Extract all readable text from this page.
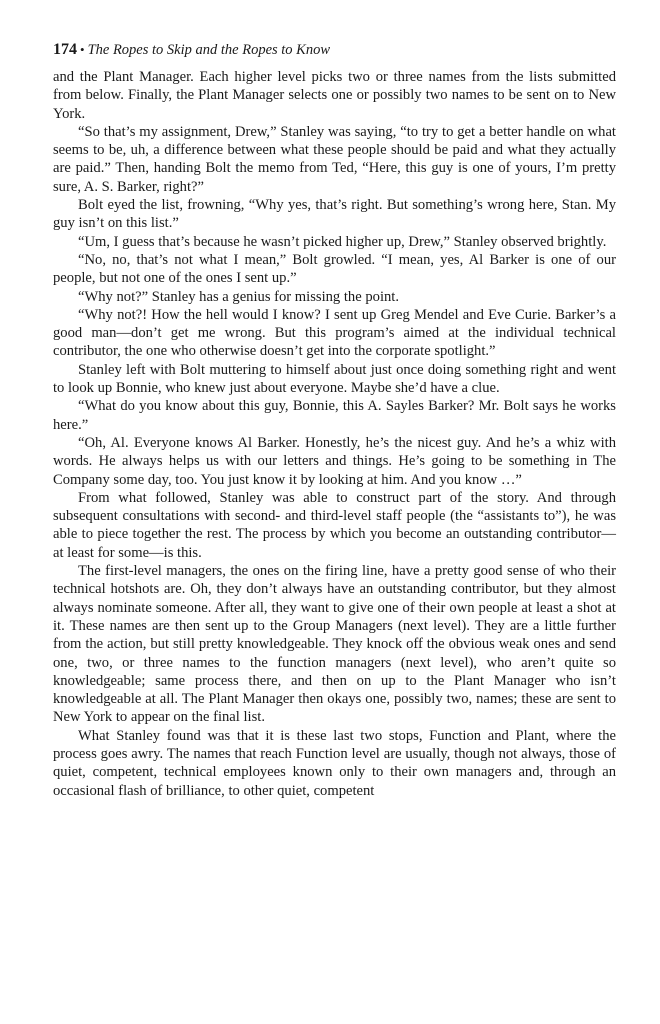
174 • The Ropes to Skip and the Ropes to Know

and the Plant Manager. Each higher level picks two or three names from the lists submitted from below. Finally, the Plant Manager selects one or possibly two names to be sent on to New York.

“So that’s my assignment, Drew,” Stanley was saying, “to try to get a better handle on what seems to be, uh, a difference between what these people should be paid and what they actually are paid.” Then, handing Bolt the memo from Ted, “Here, this guy is one of yours, I’m pretty sure, A. S. Barker, right?”

Bolt eyed the list, frowning, “Why yes, that’s right. But something’s wrong here, Stan. My guy isn’t on this list.”

“Um, I guess that’s because he wasn’t picked higher up, Drew,” Stanley observed brightly.

“No, no, that’s not what I mean,” Bolt growled. “I mean, yes, Al Barker is one of our people, but not one of the ones I sent up.”

“Why not?” Stanley has a genius for missing the point.

“Why not?! How the hell would I know? I sent up Greg Mendel and Eve Curie. Barker’s a good man—don’t get me wrong. But this program’s aimed at the individual technical contributor, the one who otherwise doesn’t get into the corporate spotlight.”

Stanley left with Bolt muttering to himself about just once doing something right and went to look up Bonnie, who knew just about everyone. Maybe she’d have a clue.

“What do you know about this guy, Bonnie, this A. Sayles Barker? Mr. Bolt says he works here.”

“Oh, Al. Everyone knows Al Barker. Honestly, he’s the nicest guy. And he’s a whiz with words. He always helps us with our letters and things. He’s going to be something in The Company some day, too. You just know it by looking at him. And you know …”

From what followed, Stanley was able to construct part of the story. And through subsequent consultations with second- and third-level staff people (the “assistants to”), he was able to piece together the rest. The process by which you become an outstanding contributor—at least for some—is this.

The first-level managers, the ones on the firing line, have a pretty good sense of who their technical hotshots are. Oh, they don’t always have an outstanding contributor, but they almost always nominate someone. After all, they want to give one of their own people at least a shot at it. These names are then sent up to the Group Managers (next level). They are a little further from the action, but still pretty knowledgeable. They knock off the obvious weak ones and send one, two, or three names to the function managers (next level), who aren’t quite so knowledgeable; same process there, and then on up to the Plant Manager who isn’t knowledgeable at all. The Plant Manager then okays one, possibly two, names; these are sent to New York to appear on the final list.

What Stanley found was that it is these last two stops, Function and Plant, where the process goes awry. The names that reach Function level are usually, though not always, those of quiet, competent, technical employees known only to their own managers and, through an occasional flash of brilliance, to other quiet, competent
